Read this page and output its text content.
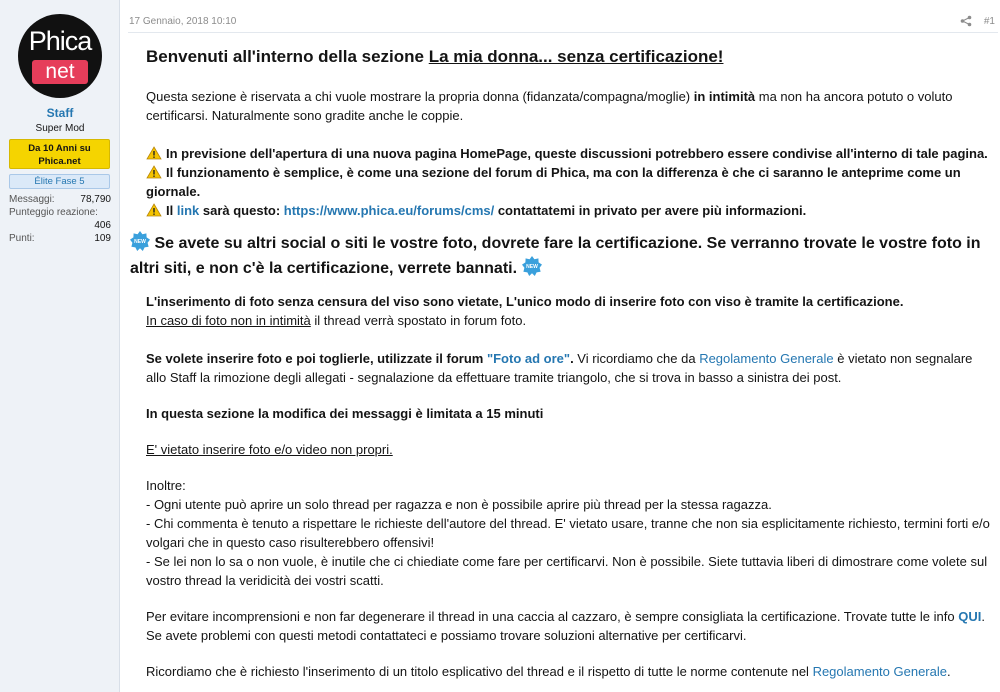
Phica
net
Staff
Super Mod
Da 10 Anni su Phica.net
Élite Fase 5
Messaggi:	78,790
Punteggio reazione:
406
Punti:	109
17 Gennaio, 2018 10:10	#1
Benvenuti all'interno della sezione La mia donna... senza certificazione!

Questa sezione è riservata a chi vuole mostrare la propria donna (fidanzata/compagna/moglie) in intimità ma non ha ancora potuto o voluto certificarsi. Naturalmente sono gradite anche le coppie.

In previsione dell'apertura di una nuova pagina HomePage, queste discussioni potrebbero essere condivise all'interno di tale pagina.

Il funzionamento è semplice, è come una sezione del forum di Phica, ma con la differenza è che ci saranno le anteprime come un giornale.

Il link sarà questo: https://www.phica.eu/forums/cms/ contattatemi in privato per avere più informazioni.

NEW Se avete su altri social o siti le vostre foto, dovrete fare la certificazione. Se verranno trovate le vostre foto in altri siti, e non c'è la certificazione, verrete bannati. NEW

L'inserimento di foto senza censura del viso sono vietate, L'unico modo di inserire foto con viso è tramite la certificazione.

In caso di foto non in intimità il thread verrà spostato in forum foto.

Se volete inserire foto e poi toglierle, utilizzate il forum "Foto ad ore". Vi ricordiamo che da Regolamento Generale è vietato non segnalare allo Staff la rimozione degli allegati - segnalazione da effettuare tramite triangolo, che si trova in basso a sinistra dei post.

In questa sezione la modifica dei messaggi è limitata a 15 minuti

E' vietato inserire foto e/o video non propri.

Inoltre:

- Ogni utente può aprire un solo thread per ragazza e non è possibile aprire più thread per la stessa ragazza.

- Chi commenta è tenuto a rispettare le richieste dell'autore del thread. E' vietato usare, tranne che non sia esplicitamente richiesto, termini forti e/o volgari che in questo caso risulterebbero offensivi!

- Se lei non lo sa o non vuole, è inutile che ci chiediate come fare per certificarvi. Non è possibile. Siete tuttavia liberi di dimostrare come volete sul vostro thread la veridicità dei vostri scatti.

Per evitare incomprensioni e non far degenerare il thread in una caccia al cazzaro, è sempre consigliata la certificazione. Trovate tutte le info QUI.

Se avete problemi con questi metodi contattateci e possiamo trovare soluzioni alternative per certificarvi.

Ricordiamo che è richiesto l'inserimento di un titolo esplicativo del thread e il rispetto di tutte le norme contenute nel Regolamento Generale.
